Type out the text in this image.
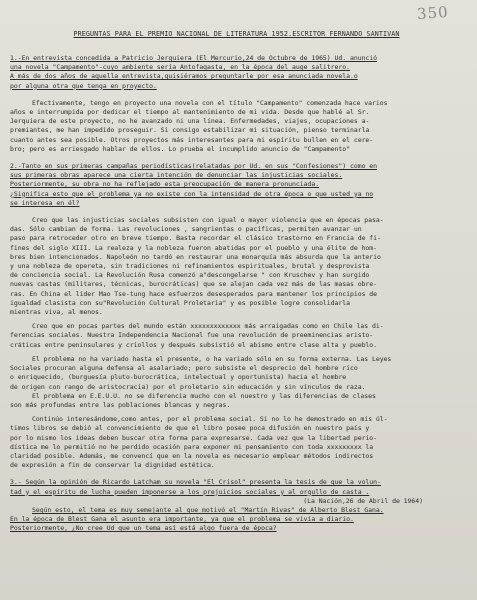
350
PREGUNTAS PARA EL PREMIO NACIONAL DE LITERATURA 1952.ESCRITOR FERNANDO SANTIVAN

1.-En entrevista concedida a Patricio Jerquiera (El Mercurio,24 de Octubre de 1965) Ud. anunció

una novela "Campamento"-cuyo ambiente sería Antofagasta, en la época del auge salitrero.

A más de dos años de aquella entrevista,quisiéramos preguntarle por esa anunciada novela.o

por alguna otra que tenga en proyecto.

Efectivamente, tengo en proyecto una novela con el título "Campamento" comenzada hace varios

años e interrumpida por dedicar el tiempo al mantenimiento de mi vida. Desde que hablé al Sr.

Jerquiera de este proyecto, no he avanzado ni una línea. Enfermedades, viajes, ocupaciones a-

premiantes, me han impedido proseguir. Si consigo estabilizar mi situación, pienso terminarla

cuanto antes sea posible. Otros proyectos más interesantes para mi espíritu bullen en el cere-

bro; pero es arriesgado hablar de ellos. Lo prueba el incumplido anuncio de "Campamento"

2.-Tanto en sus primeras campañas periodísticas(relatadas por Ud. en sus "Confesiones") como en

sus primeras obras aparece una cierta intención de denunciar las injusticias sociales.

Posteriormente, su obra no ha reflejado esta preocupación de manera pronunciada.

¿Significa esto que el problema ya no existe con la intensidad de otra época o que usted ya no

se interesa en él?

Creo que las injusticias sociales subsisten con igual o mayor violencia que en épocas pasa-

das. Sólo cambian de forma. Las revoluciones , sangrientas o pacíficas, permiten avanzar un

paso para retroceder otro en breve tiempo. Basta recordar el clásico trastorno en Francia de fi-

fines del siglo XIII. La realeza y la nobleza fueron abatidas por el pueblo y una élite de hom-

bres bien intencionados. Napoleón no tardó en restaurar una monarquía más absurda que la anterio

y una nobleza de opereta, sin tradiciones ni refinamientos espirituales, brutal y desprovista

de conciencia social. La Revolución Rusa comenzó a"descongelarse " con Kruschev y han surgido

nuevas castas (militares, técnicas, burocráticas) que se alejan cada vez más de las masas obre-

ras. En China el líder Mao Tse-tung hace esfuerzos desesperados para mantener los principios de

igualdad clasista con su"Revolución Cultural Proletaria" y es posible logre consolidarla

mientras viva, al menos.

Creo que en pocas partes del mundo están xxxxxxxxxxxxx más arraigadas como en Chile las di-

ferencias sociales. Nuestra Independencia Nacional fue una revolución de preeminencias aristo-

cráticas entre peninsulares y criollos y después subsistió el abismo entre clase alta y pueblo.

El problema no ha variado hasta el presente, o ha variado sólo en su forma externa. Las Leyes

Sociales procuran alguna defensa al asalariado; pero subsiste el desprecio del hombre rico

o enriquecido, (burguesía pluto-burocrática, intelectual y oportunista) hacia el hombre

de origen con rango de aristocracia) por el proletario sin educación y sin vínculos de raza.

El problema en E.E.U.U. no se diferencia mucho con el nuestro y las diferencias de clases

son más profundas entre las poblaciones blancas y negras.

Continúo interesándome,como antes, por el problema social. Si no lo he demostrado en mis úl-

timos libros se debió al convencimiento de que el libro posee poca difusión en nuestro país y

por lo mismo los ideas deben buscar otra forma para expresarse. Cada vez que la libertad perio-

dística me lo permitió no he perdido ocasión para exponer mi pensamiento con toda xxxxxxxxx la

claridad posible. Además, me convencí que en la novela es necesario emplear métodos indirectos

de expresión a fin de conservar la dignidad estética.

3.- Según la opinión de Ricardo Latcham su novela "El Crisol" presenta la tesis de que la volun-

tad y el espíritu de lucha pueden imponerse a los prejuicios sociales y al orgullo de casta .

(La Nación,26 de Abril de 1964)

Según esto, el tema es muy semejante al que motivó el "Martín Rivas" de Alberto Blest Gana.

En la época de Blest Gana el asunto era importante, ya que el problema se vivía a diario.

Posteriormente, ¿No cree Ud que un tema así está algo fuera de época?
